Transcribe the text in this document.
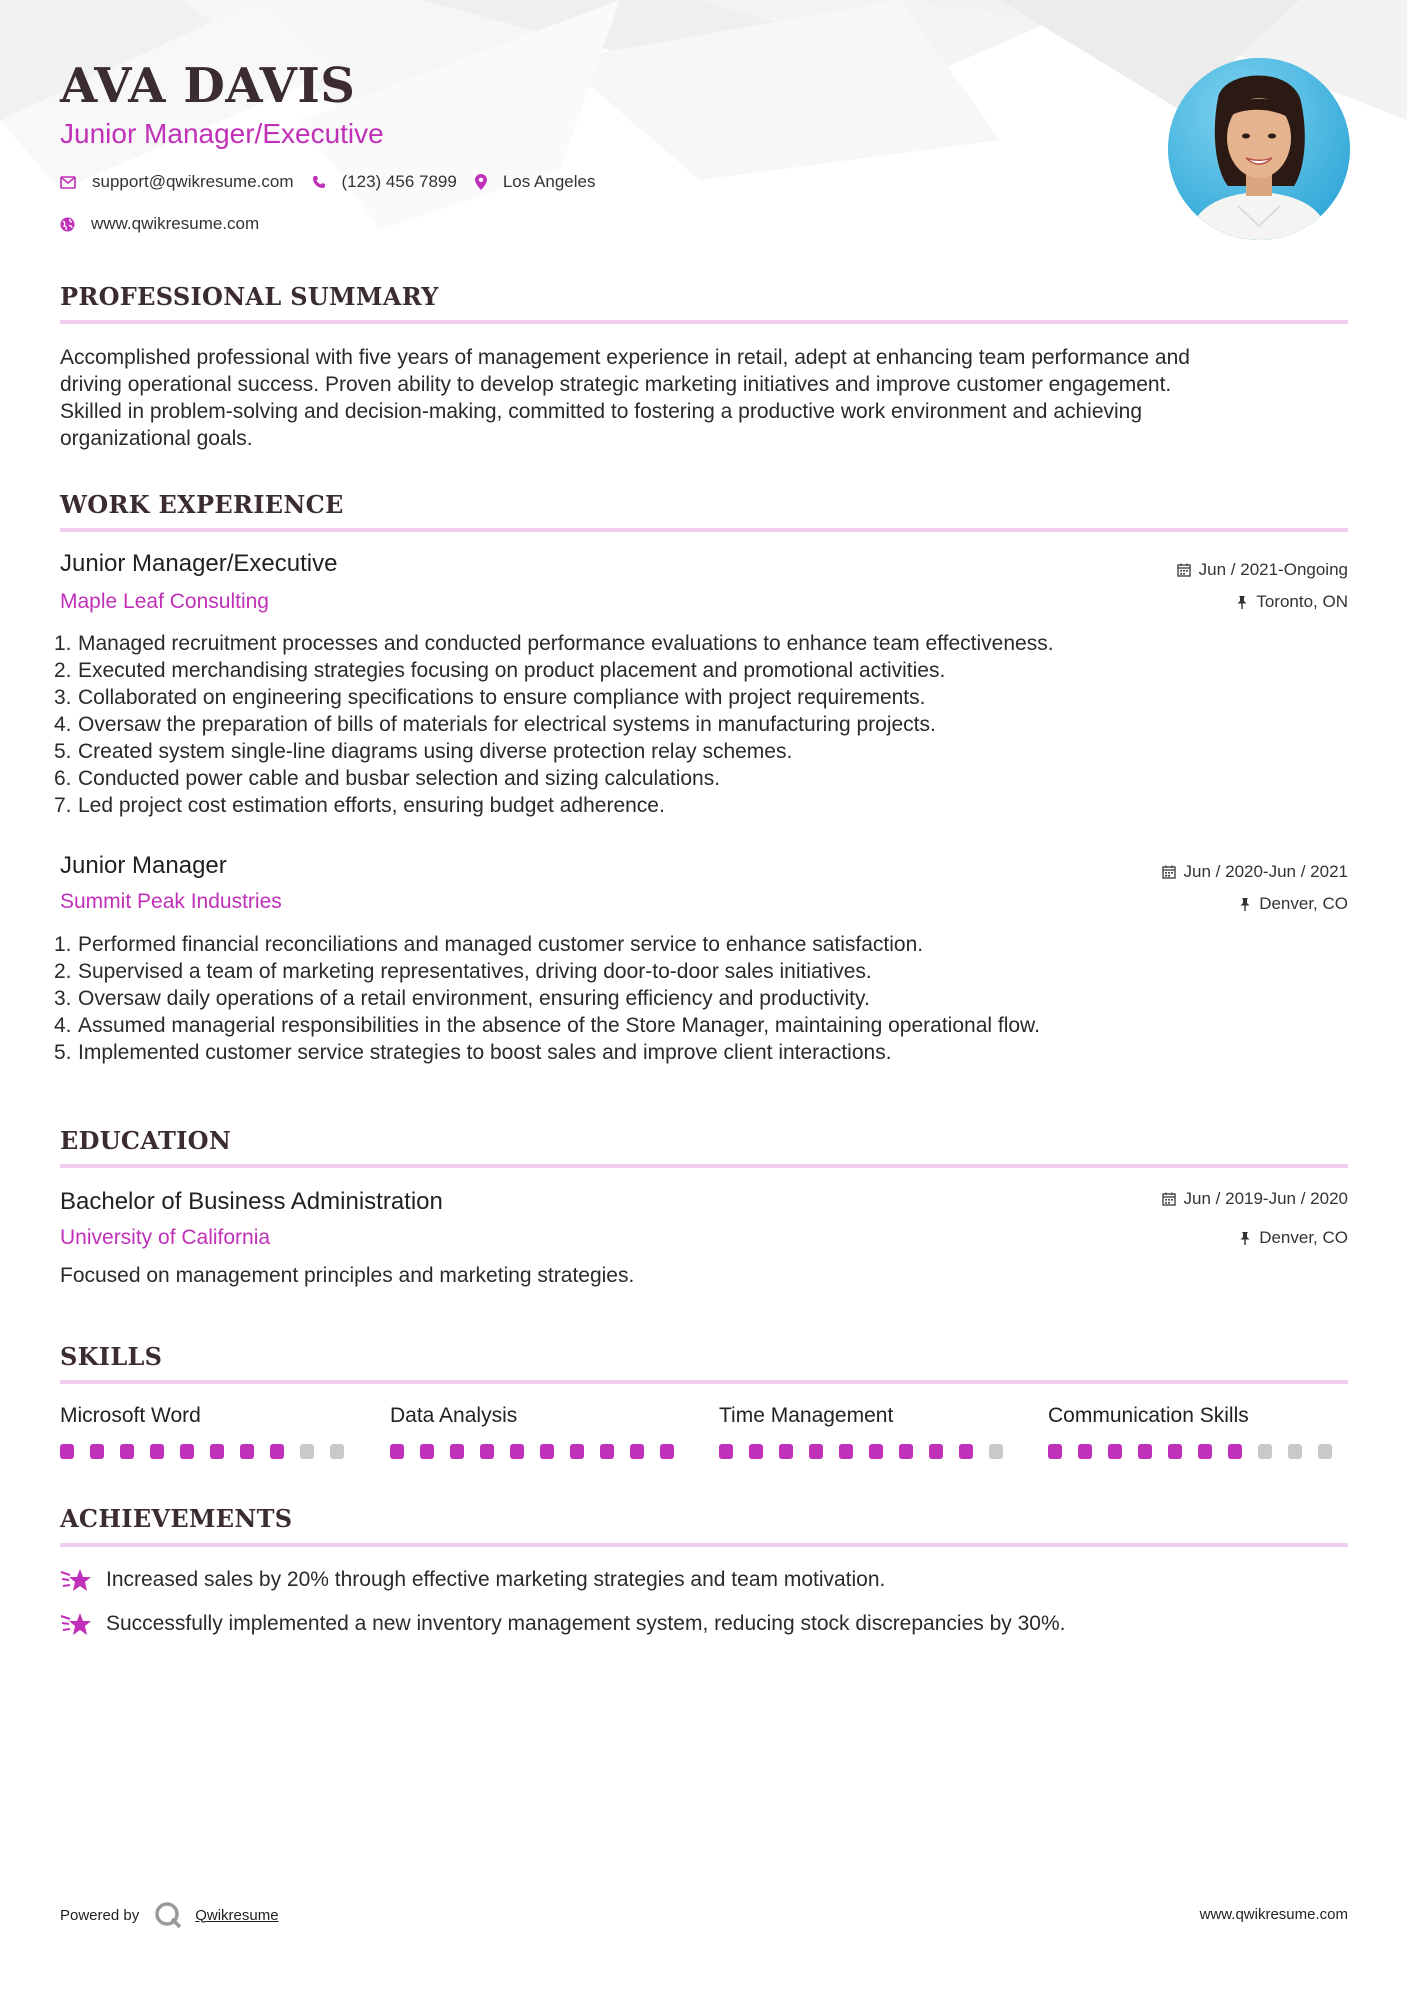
AVA DAVIS
Junior Manager/Executive
support@qwikresume.com	(123) 456 7899	Los Angeles
www.qwikresume.com
PROFESSIONAL SUMMARY
Accomplished professional with five years of management experience in retail, adept at enhancing team performance and
driving operational success. Proven ability to develop strategic marketing initiatives and improve customer engagement.
Skilled in problem-solving and decision-making, committed to fostering a productive work environment and achieving
organizational goals.
WORK EXPERIENCE
Junior Manager/Executive	Jun / 2021-Ongoing
Maple Leaf Consulting	Toronto, ON
1. Managed recruitment processes and conducted performance evaluations to enhance team effectiveness.
2. Executed merchandising strategies focusing on product placement and promotional activities.
3. Collaborated on engineering specifications to ensure compliance with project requirements.
4. Oversaw the preparation of bills of materials for electrical systems in manufacturing projects.
5. Created system single-line diagrams using diverse protection relay schemes.
6. Conducted power cable and busbar selection and sizing calculations.
7. Led project cost estimation efforts, ensuring budget adherence.
Junior Manager	Jun / 2020-Jun / 2021
Summit Peak Industries	Denver, CO
1. Performed financial reconciliations and managed customer service to enhance satisfaction.
2. Supervised a team of marketing representatives, driving door-to-door sales initiatives.
3. Oversaw daily operations of a retail environment, ensuring efficiency and productivity.
4. Assumed managerial responsibilities in the absence of the Store Manager, maintaining operational flow.
5. Implemented customer service strategies to boost sales and improve client interactions.
EDUCATION
Bachelor of Business Administration	Jun / 2019-Jun / 2020
University of California	Denver, CO
Focused on management principles and marketing strategies.
SKILLS
Microsoft Word	Data Analysis	Time Management	Communication Skills
ACHIEVEMENTS
Increased sales by 20% through effective marketing strategies and team motivation.
Successfully implemented a new inventory management system, reducing stock discrepancies by 30%.
Powered by	Qwikresume	www.qwikresume.com
